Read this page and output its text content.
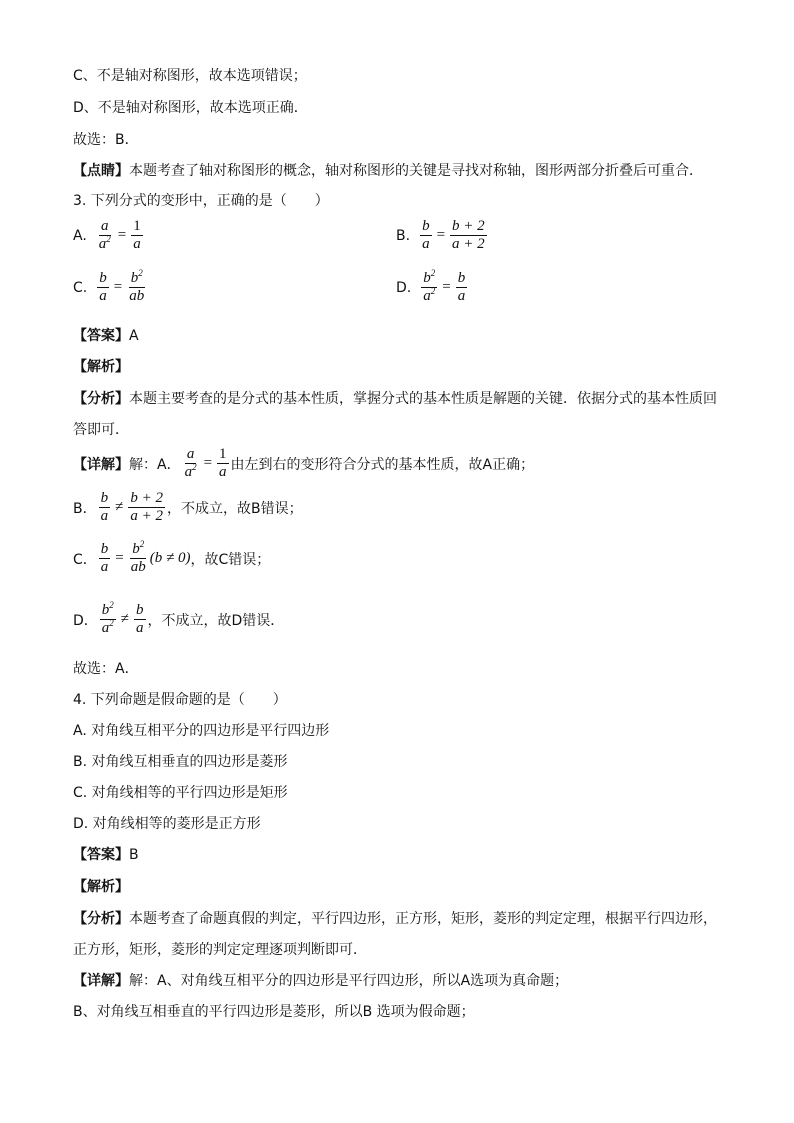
C、不是轴对称图形，故本选项错误；
D、不是轴对称图形，故本选项正确．
故选：B．
【点睛】本题考查了轴对称图形的概念，轴对称图形的关键是寻找对称轴，图形两部分折叠后可重合．
3. 下列分式的变形中，正确的是（　　）
A. $\frac{a}{a^2} = \frac{1}{a}$	B. $\frac{b}{a} = \frac{b + 2}{a + 2}$
C. $\frac{b}{a} = \frac{b^2}{ab}$	D. $\frac{b^2}{a^2} = \frac{b}{a}$
【答案】A
【解析】
【分析】本题主要考查的是分式的基本性质，掌握分式的基本性质是解题的关键．依据分式的基本性质回
答即可．
【详解】 解：A． $\frac{a}{a^2} = \frac{1}{a}$ 由左到右的变形符合分式的基本性质，故A正确；
B． $\frac{b}{a} \ne \frac{b + 2}{a + 2}$ ，不成立，故B错误；
C． $\frac{b}{a} = \frac{b^2}{ab} (b \ne 0)$ ，故C错误；
D． $\frac{b^2}{a^2} \ne \frac{b}{a}$ ，不成立，故D错误．
故选：A．
4. 下列命题是假命题的是（　　）
A. 对角线互相平分的四边形是平行四边形
B. 对角线互相垂直的四边形是菱形
C. 对角线相等的平行四边形是矩形
D. 对角线相等的菱形是正方形
【答案】B
【解析】
【分析】本题考查了命题真假的判定，平行四边形，正方形，矩形，菱形的判定定理，根据平行四边形，
正方形，矩形，菱形的判定定理逐项判断即可．
【详解】解：A、对角线互相平分的四边形是平行四边形，所以A选项为真命题；
B、对角线互相垂直的平行四边形是菱形，所以B 选项为假命题；
